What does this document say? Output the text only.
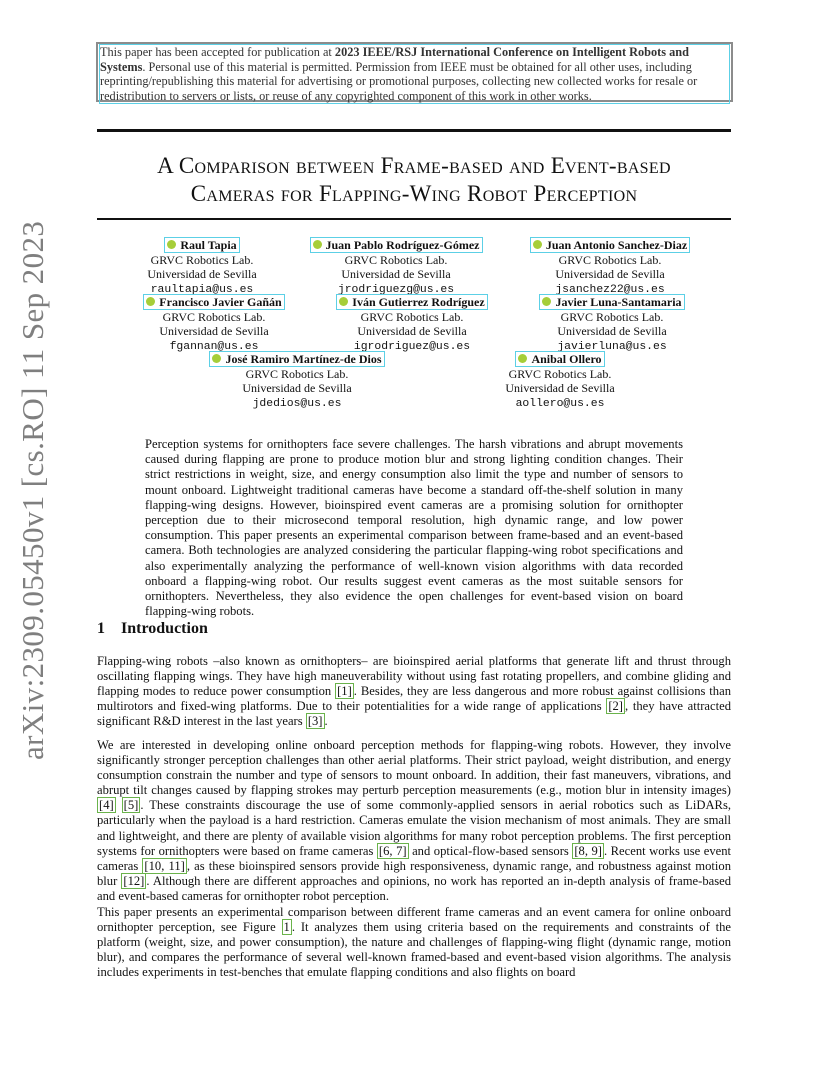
This paper has been accepted for publication at 2023 IEEE/RSJ International Conference on Intelligent Robots and Systems. Personal use of this material is permitted. Permission from IEEE must be obtained for all other uses, including reprinting/republishing this material for advertising or promotional purposes, collecting new collected works for resale or redistribution to servers or lists, or reuse of any copyrighted component of this work in other works.

A Comparison between Frame-based and Event-based
Cameras for Flapping-Wing Robot Perception
Raul Tapia
GRVC Robotics Lab.
Universidad de Sevilla
raultapia@us.es
Juan Pablo Rodríguez-Gómez
GRVC Robotics Lab.
Universidad de Sevilla
jrodriguezg@us.es
Juan Antonio Sanchez-Diaz
GRVC Robotics Lab.
Universidad de Sevilla
jsanchez22@us.es
Francisco Javier Gañán
GRVC Robotics Lab.
Universidad de Sevilla
fgannan@us.es
Iván Gutierrez Rodríguez
GRVC Robotics Lab.
Universidad de Sevilla
igrodriguez@us.es
Javier Luna-Santamaria
GRVC Robotics Lab.
Universidad de Sevilla
javierluna@us.es
José Ramiro Martínez-de Dios
GRVC Robotics Lab.
Universidad de Sevilla
jdedios@us.es
Anibal Ollero
GRVC Robotics Lab.
Universidad de Sevilla
aollero@us.es
Perception systems for ornithopters face severe challenges. The harsh vibrations and abrupt movements caused during flapping are prone to produce motion blur and strong lighting condition changes. Their strict restrictions in weight, size, and energy consumption also limit the type and number of sensors to mount onboard. Lightweight traditional cameras have become a standard off-the-shelf solution in many flapping-wing designs. However, bioinspired event cameras are a promising solution for ornithopter perception due to their microsecond temporal resolution, high dynamic range, and low power consumption. This paper presents an experimental comparison between frame-based and an event-based camera. Both technologies are analyzed considering the particular flapping-wing robot specifications and also experimentally analyzing the performance of well-known vision algorithms with data recorded onboard a flapping-wing robot. Our results suggest event cameras as the most suitable sensors for ornithopters. Nevertheless, they also evidence the open challenges for event-based vision on board flapping-wing robots.
1 Introduction

Flapping-wing robots –also known as ornithopters– are bioinspired aerial platforms that generate lift and thrust through oscillating flapping wings. They have high maneuverability without using fast rotating propellers, and combine gliding and flapping modes to reduce power consumption [1] . Besides, they are less dangerous and more robust against collisions than multirotors and fixed-wing platforms. Due to their potentialities for a wide range of applications [2] , they have attracted significant R&D interest in the last years [3] .

We are interested in developing online onboard perception methods for flapping-wing robots. However, they involve significantly stronger perception challenges than other aerial platforms. Their strict payload, weight distribution, and energy consumption constrain the number and type of sensors to mount onboard. In addition, their fast maneuvers, vibrations, and abrupt tilt changes caused by flapping strokes may perturb perception measurements (e.g., motion blur in intensity images) [4] [5] . These constraints discourage the use of some commonly-applied sensors in aerial robotics such as LiDARs, particularly when the payload is a hard restriction. Cameras emulate the vision mechanism of most animals. They are small and lightweight, and there are plenty of available vision algorithms for many robot perception problems. The first perception systems for ornithopters were based on frame cameras [6, 7] and optical-flow-based sensors [8, 9] . Recent works use event cameras [10, 11] , as these bioinspired sensors provide high responsiveness, dynamic range, and robustness against motion blur [12] . Although there are different approaches and opinions, no work has reported an in-depth analysis of frame-based and event-based cameras for ornithopter robot perception.

This paper presents an experimental comparison between different frame cameras and an event camera for online onboard ornithopter perception, see Figure 1 . It analyzes them using criteria based on the requirements and constraints of the platform (weight, size, and power consumption), the nature and challenges of flapping-wing flight (dynamic range, motion blur), and compares the performance of several well-known framed-based and event-based vision algorithms. The analysis includes experiments in test-benches that emulate flapping conditions and also flights on board

arXiv:2309.05450v1 [cs.RO] 11 Sep 2023
